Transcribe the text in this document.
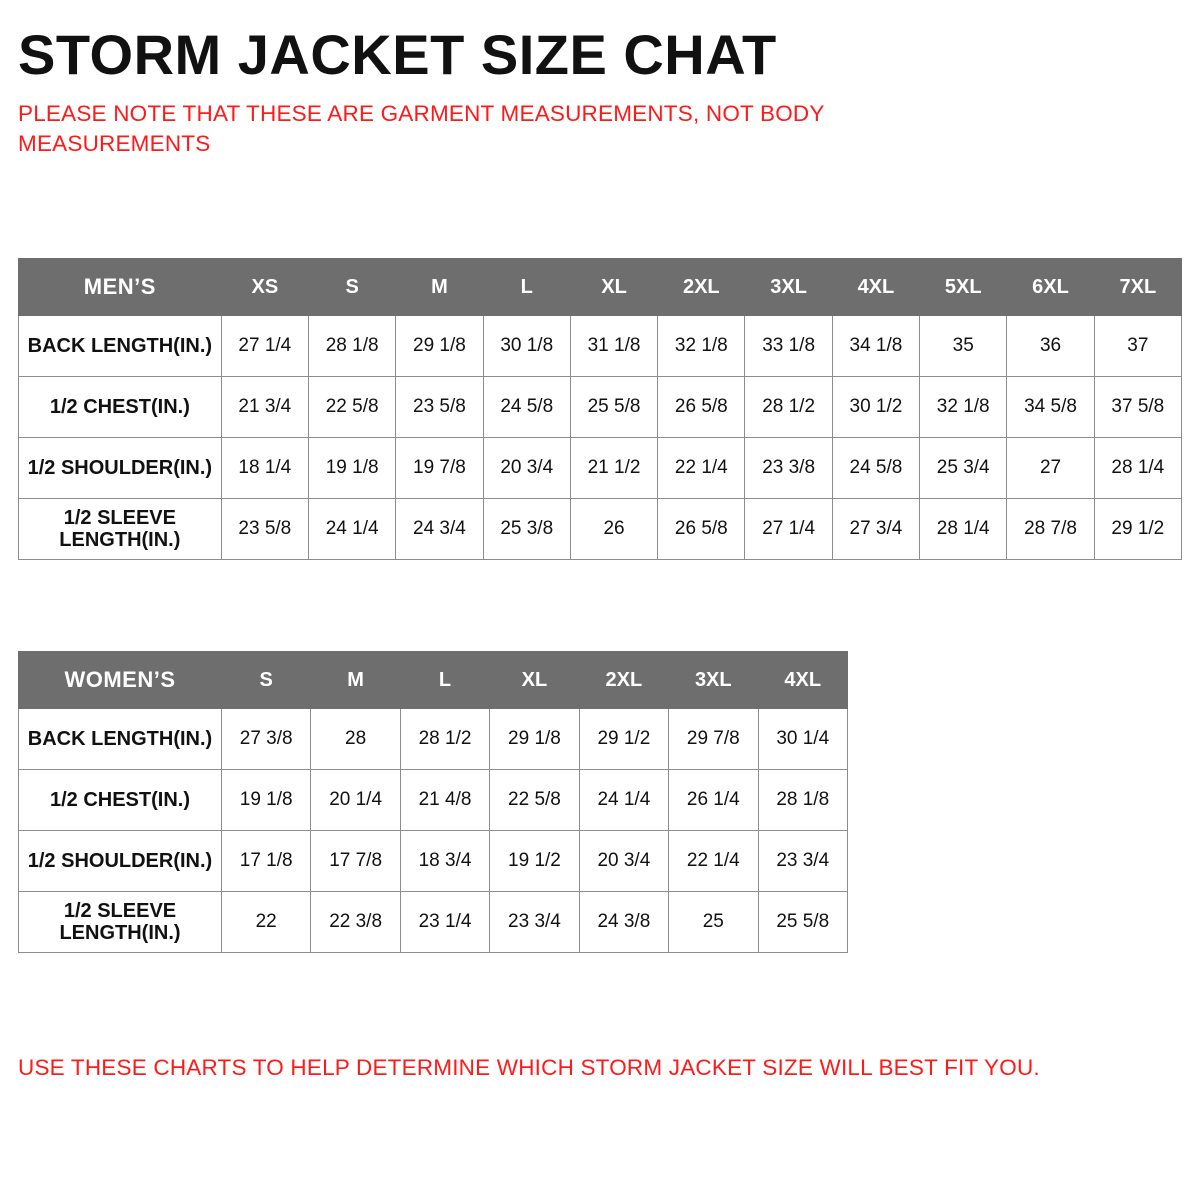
STORM JACKET SIZE CHAT

PLEASE NOTE THAT THESE ARE GARMENT MEASUREMENTS, NOT BODY MEASUREMENTS

MEN’S	XS	S	M	L	XL	2XL	3XL	4XL	5XL	6XL	7XL
BACK LENGTH(IN.)	27 1/4	28 1/8	29 1/8	30 1/8	31 1/8	32 1/8	33 1/8	34 1/8	35	36	37
1/2 CHEST(IN.)	21 3/4	22 5/8	23 5/8	24 5/8	25 5/8	26 5/8	28 1/2	30 1/2	32 1/8	34 5/8	37 5/8
1/2 SHOULDER(IN.)	18 1/4	19 1/8	19 7/8	20 3/4	21 1/2	22 1/4	23 3/8	24 5/8	25 3/4	27	28 1/4
1/2 SLEEVE LENGTH(IN.)	23 5/8	24 1/4	24 3/4	25 3/8	26	26 5/8	27 1/4	27 3/4	28 1/4	28 7/8	29 1/2
WOMEN’S	S	M	L	XL	2XL	3XL	4XL
BACK LENGTH(IN.)	27 3/8	28	28 1/2	29 1/8	29 1/2	29 7/8	30 1/4
1/2 CHEST(IN.)	19 1/8	20 1/4	21 4/8	22 5/8	24 1/4	26 1/4	28 1/8
1/2 SHOULDER(IN.)	17 1/8	17 7/8	18 3/4	19 1/2	20 3/4	22 1/4	23 3/4
1/2 SLEEVE LENGTH(IN.)	22	22 3/8	23 1/4	23 3/4	24 3/8	25	25 5/8
USE THESE CHARTS TO HELP DETERMINE WHICH STORM JACKET SIZE WILL BEST FIT YOU.
